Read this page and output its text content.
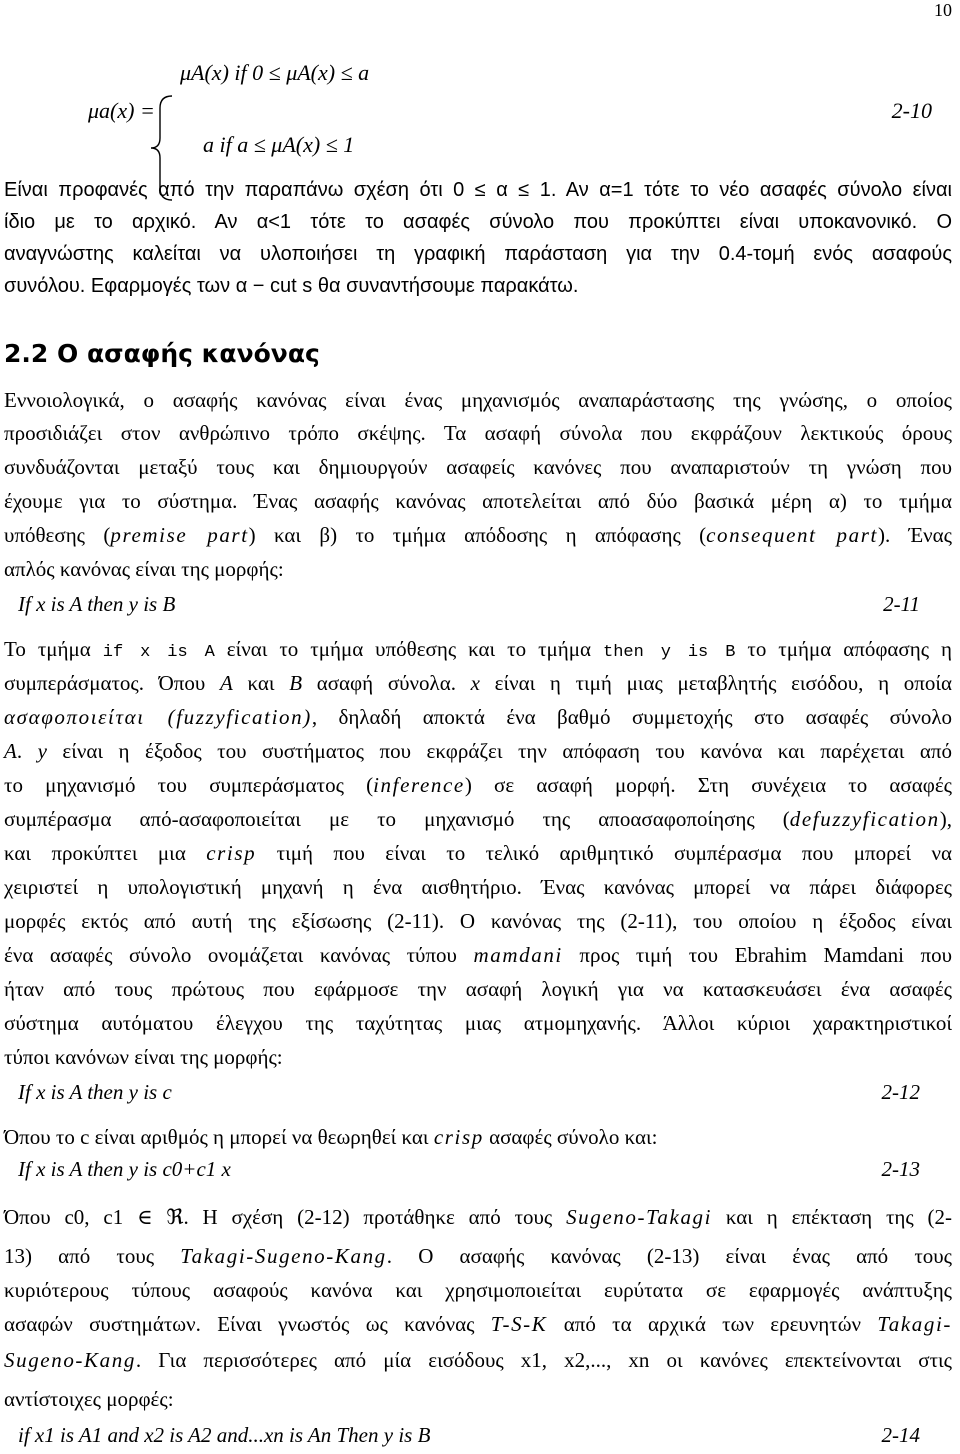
10
μa(x) =
μA(x) if 0 ≤ μA(x) ≤ a
a if a ≤ μA(x) ≤ 1
2-10
Είναι προφανές από την παραπάνω σχέση ότι 0 ≤ α ≤ 1. Αν α=1 τότε το νέο ασαφές σύνολο είναι
ίδιο με το αρχικό. Αν α<1 τότε το ασαφές σύνολο που προκύπτει είναι υποκανονικό. Ο
αναγνώστης καλείται να υλοποιήσει τη γραφική παράσταση για την 0.4-τομή ενός ασαφούς
συνόλου. Εφαρμογές των α − cut s θα συναντήσουμε παρακάτω.
2.2 Ο ασαφής κανόνας
Εννοιολογικά, ο ασαφής κανόνας είναι ένας μηχανισμός αναπαράστασης της γνώσης, ο οποίος
προσιδιάζει στον ανθρώπινο τρόπο σκέψης. Τα ασαφή σύνολα που εκφράζουν λεκτικούς όρους
συνδυάζονται μεταξύ τους και δημιουργούν ασαφείς κανόνες που αναπαριστούν τη γνώση που
έχουμε για το σύστημα. Ένας ασαφής κανόνας αποτελείται από δύο βασικά μέρη α) το τμήμα
υπόθεσης (premise part) και β) το τμήμα απόδοσης η απόφασης (consequent part). Ένας
απλός κανόνας είναι της μορφής:
If x is A then y is B	2-11
Το τμήμα if x is A είναι το τμήμα υπόθεσης και το τμήμα then y is B το τμήμα απόφασης η
συμπεράσματος. Όπου A και B ασαφή σύνολα. x είναι η τιμή μιας μεταβλητής εισόδου, η οποία
ασαφοποιείται (fuzzyfication), δηλαδή αποκτά ένα βαθμό συμμετοχής στο ασαφές σύνολο
A. y είναι η έξοδος του συστήματος που εκφράζει την απόφαση του κανόνα και παρέχεται από
το μηχανισμό του συμπεράσματος (inference) σε ασαφή μορφή. Στη συνέχεια το ασαφές
συμπέρασμα από-ασαφοποιείται με το μηχανισμό της αποασαφοποίησης (defuzzyfication),
και προκύπτει μια crisp τιμή που είναι το τελικό αριθμητικό συμπέρασμα που μπορεί να
χειριστεί η υπολογιστική μηχανή η ένα αισθητήριο. Ένας κανόνας μπορεί να πάρει διάφορες
μορφές εκτός από αυτή της εξίσωσης (2-11). Ο κανόνας της (2-11), του οποίου η έξοδος είναι
ένα ασαφές σύνολο ονομάζεται κανόνας τύπου mamdani προς τιμή του Ebrahim Mamdani που
ήταν από τους πρώτους που εφάρμοσε την ασαφή λογική για να κατασκευάσει ένα ασαφές
σύστημα αυτόματου έλεγχου της ταχύτητας μιας ατμομηχανής. Άλλοι κύριοι χαρακτηριστικοί
τύποι κανόνων είναι της μορφής:
If x is A then y is c	2-12
Όπου το c είναι αριθμός η μπορεί να θεωρηθεί και crisp ασαφές σύνολο και:
If x is A then y is c0+c1 x	2-13
Όπου c0, c1 ∈ ℜ. Η σχέση (2-12) προτάθηκε από τους Sugeno-Takagi και η επέκταση της (2-
13) από τους Takagi-Sugeno-Kang. Ο ασαφής κανόνας (2-13) είναι ένας από τους
κυριότερους τύπους ασαφούς κανόνα και χρησιμοποιείται ευρύτατα σε εφαρμογές ανάπτυξης
ασαφών συστημάτων. Είναι γνωστός ως κανόνας T-S-K από τα αρχικά των ερευνητών Takagi-
Sugeno-Kang. Για περισσότερες από μία εισόδους x1, x2,..., xn οι κανόνες επεκτείνονται στις
αντίστοιχες μορφές:
if x1 is A1 and x2 is A2 and...xn is An Then y is B	2-14
